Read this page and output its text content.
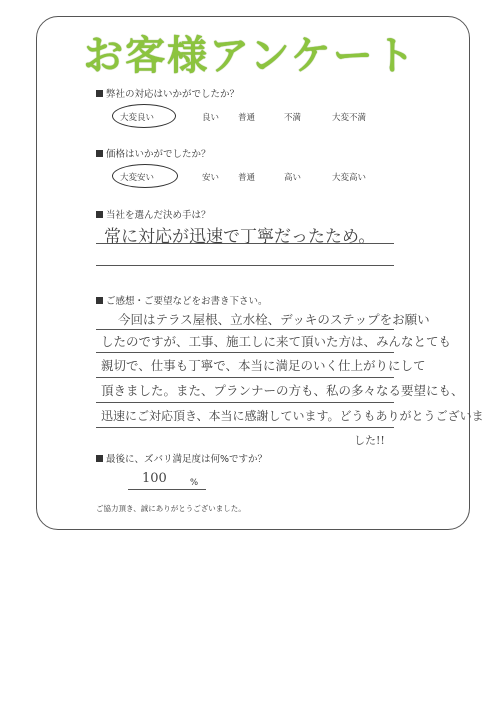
お客様アンケート
弊社の対応はいかがでしたか？
大変良い	良い 普通	不満	大変不満
価格はいかがでしたか？
大変安い	安い 普通	高い	大変高い
当社を選んだ決め手は？
常に対応が迅速で丁寧だったため。
ご感想・ご要望などをお書き下さい。
今回はテラス屋根、立水栓、デッキのステップをお願い
したのですが、工事、施工しに来て頂いた方は、みんなとても
親切で、仕事も丁寧で、本当に満足のいく仕上がりにして
頂きました。また、プランナーの方も、私の多々なる要望にも、
迅速にご対応頂き、本当に感謝しています。どうもありがとうございま
した!!
最後に、ズバリ満足度は何%ですか？
100	%
ご協力頂き、誠にありがとうございました。
